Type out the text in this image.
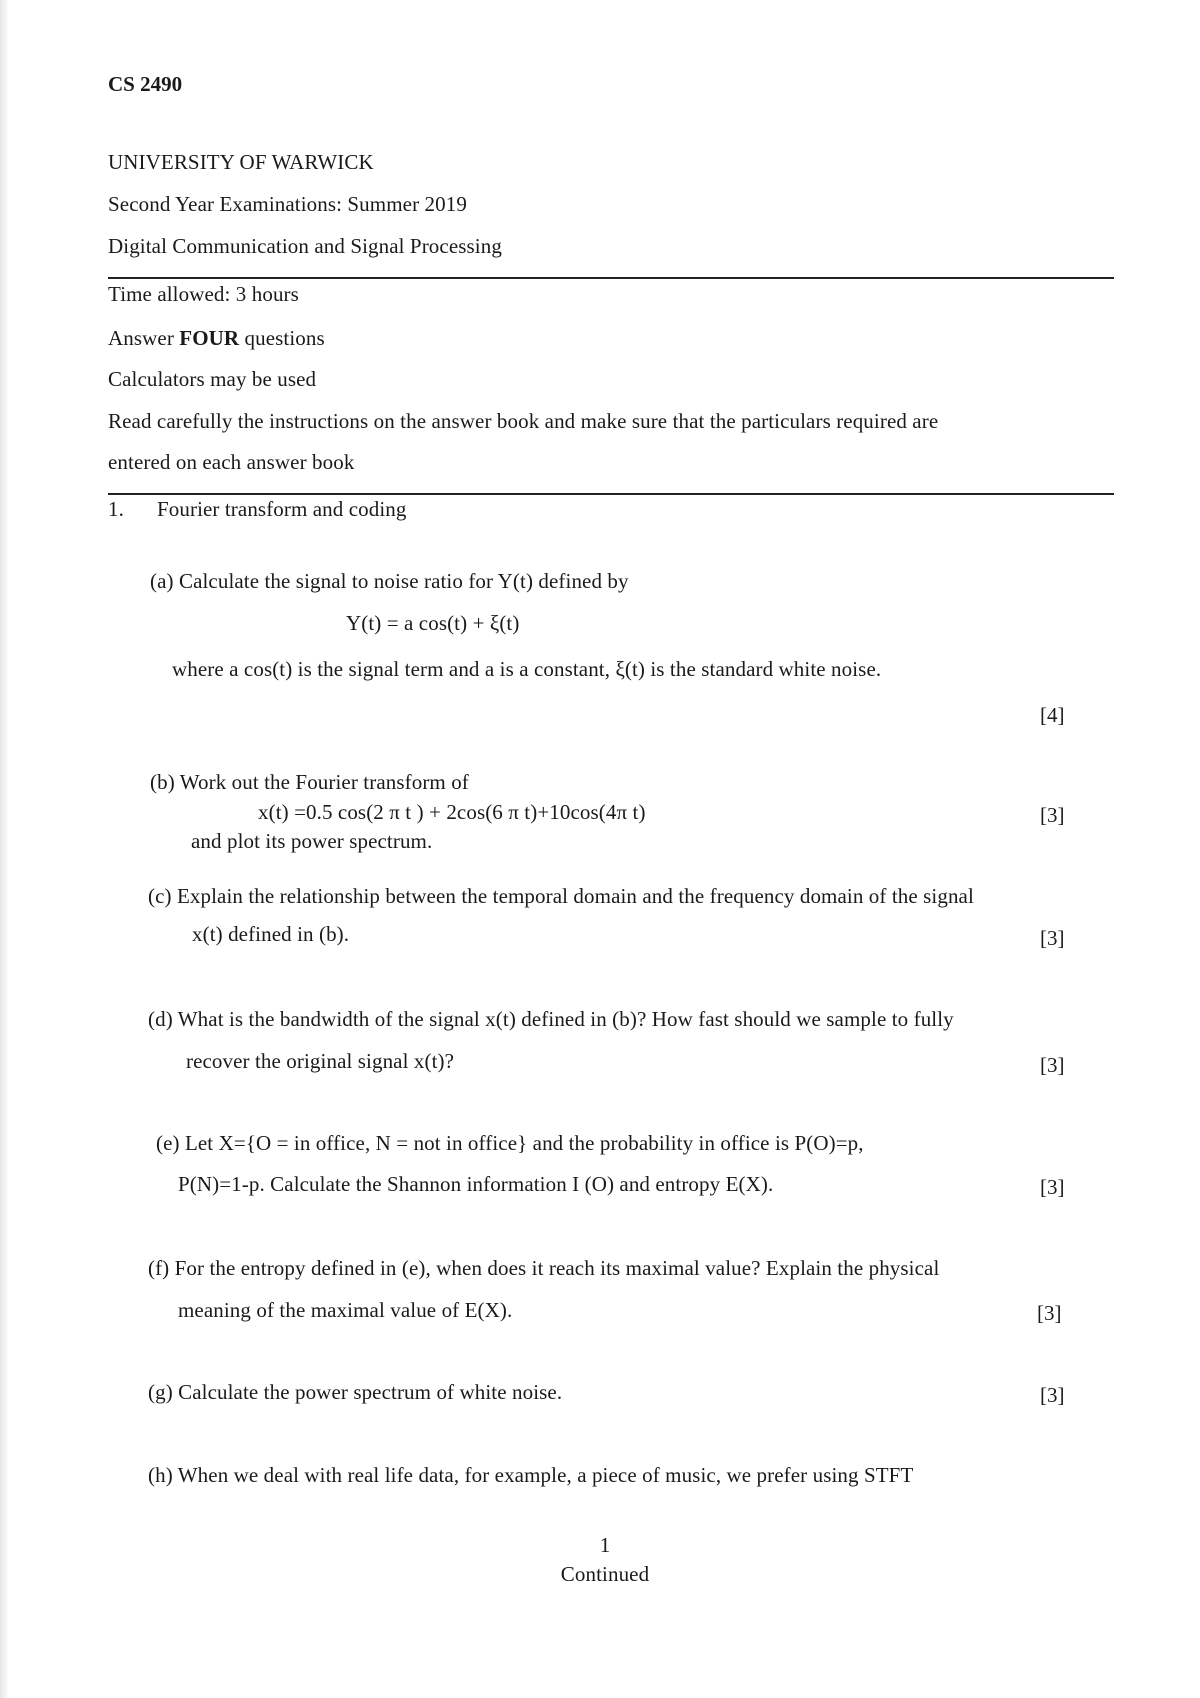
CS 2490
UNIVERSITY OF WARWICK
Second Year Examinations: Summer 2019
Digital Communication and Signal Processing
Time allowed: 3 hours
Answer FOUR questions
Calculators may be used
Read carefully the instructions on the answer book and make sure that the particulars required are
entered on each answer book
1. Fourier transform and coding
(a) Calculate the signal to noise ratio for Y(t) defined by
Y(t) = a cos(t) + ξ(t)
where a cos(t) is the signal term and a is a constant, ξ(t) is the standard white noise.
[4]
(b) Work out the Fourier transform of
x(t) =0.5 cos(2 π t ) + 2cos(6 π t)+10cos(4π t)	[3]
and plot its power spectrum.
(c) Explain the relationship between the temporal domain and the frequency domain of the signal
x(t) defined in (b).	[3]
(d) What is the bandwidth of the signal x(t) defined in (b)? How fast should we sample to fully
recover the original signal x(t)?	[3]
(e) Let X={O = in office, N = not in office} and the probability in office is P(O)=p,
P(N)=1-p. Calculate the Shannon information I (O) and entropy E(X).	[3]
(f) For the entropy defined in (e), when does it reach its maximal value? Explain the physical
meaning of the maximal value of E(X).	[3]
(g) Calculate the power spectrum of white noise.	[3]
(h) When we deal with real life data, for example, a piece of music, we prefer using STFT
1
Continued
